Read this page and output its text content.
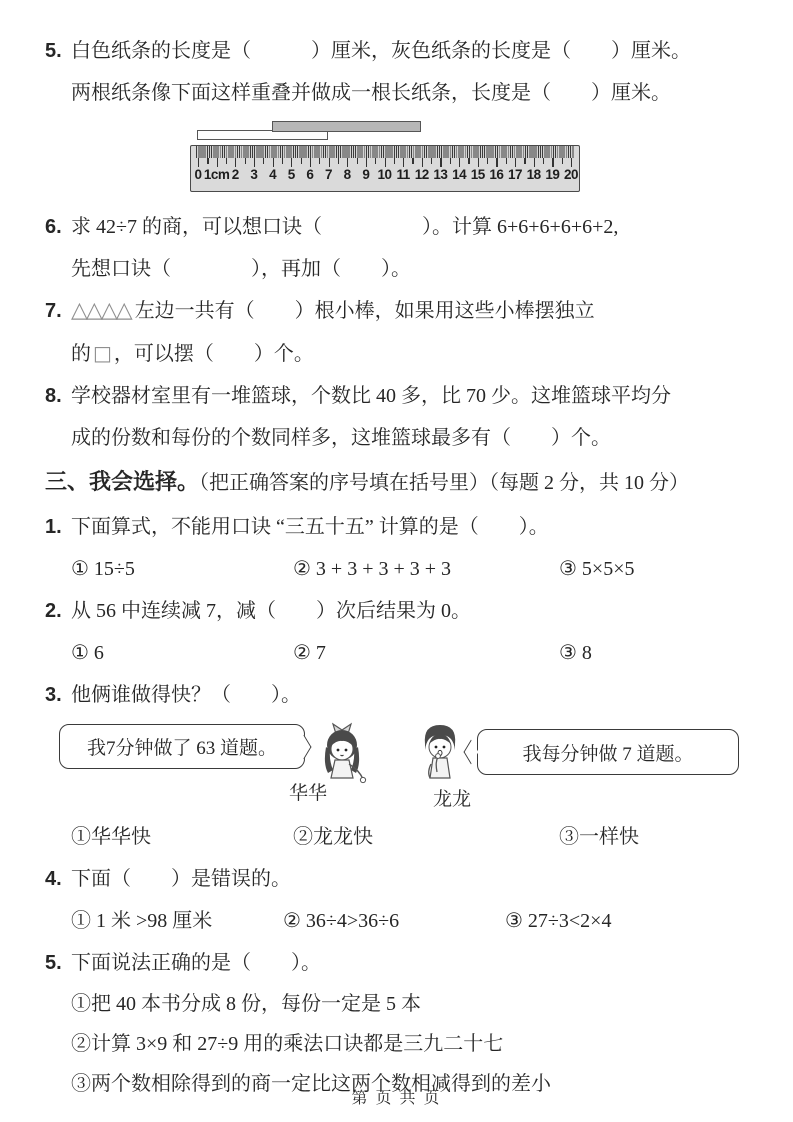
5. 白色纸条的长度是（　　　）厘米，灰色纸条的长度是（　　）厘米。
两根纸条像下面这样重叠并做成一根长纸条，长度是（　　）厘米。
0 1cm 2 3 4 5 6 7 8 9 10 11 12 13 14 15 16 17 18 19 20
6. 求 42÷7 的商，可以想口诀（　　　　　）。计算 6+6+6+6+6+2,
先想口诀（　　　　），再加（　　）。
7. △△△△ 左边一共有（　　）根小棒，如果用这些小棒摆独立
的 □ ，可以摆（　　）个。
8. 学校器材室里有一堆篮球，个数比 40 多，比 70 少。这堆篮球平均分
成的份数和每份的个数同样多，这堆篮球最多有（　　）个。
三、我会选择。（把正确答案的序号填在括号里）（每题 2 分，共 10 分）
1. 下面算式，不能用口诀 “三五十五” 计算的是（　　）。
① 15÷5	② 3 + 3 + 3 + 3 + 3	③ 5×5×5
2. 从 56 中连续减 7，减（　　）次后结果为 0。
① 6	② 7	③ 8
3. 他俩谁做得快？（　　）。
我7分钟做了 63 道题。
华华	龙龙
我每分钟做 7 道题。
①华华快	②龙龙快	③一样快
4. 下面（　　）是错误的。
① 1 米 >98 厘米	② 36÷4>36÷6	③ 27÷3<2×4
5. 下面说法正确的是（　　）。
①把 40 本书分成 8 份，每份一定是 5 本
②计算 3×9 和 27÷9 用的乘法口诀都是三九二十七
③两个数相除得到的商一定比这两个数相减得到的差小
第 页 共 页
